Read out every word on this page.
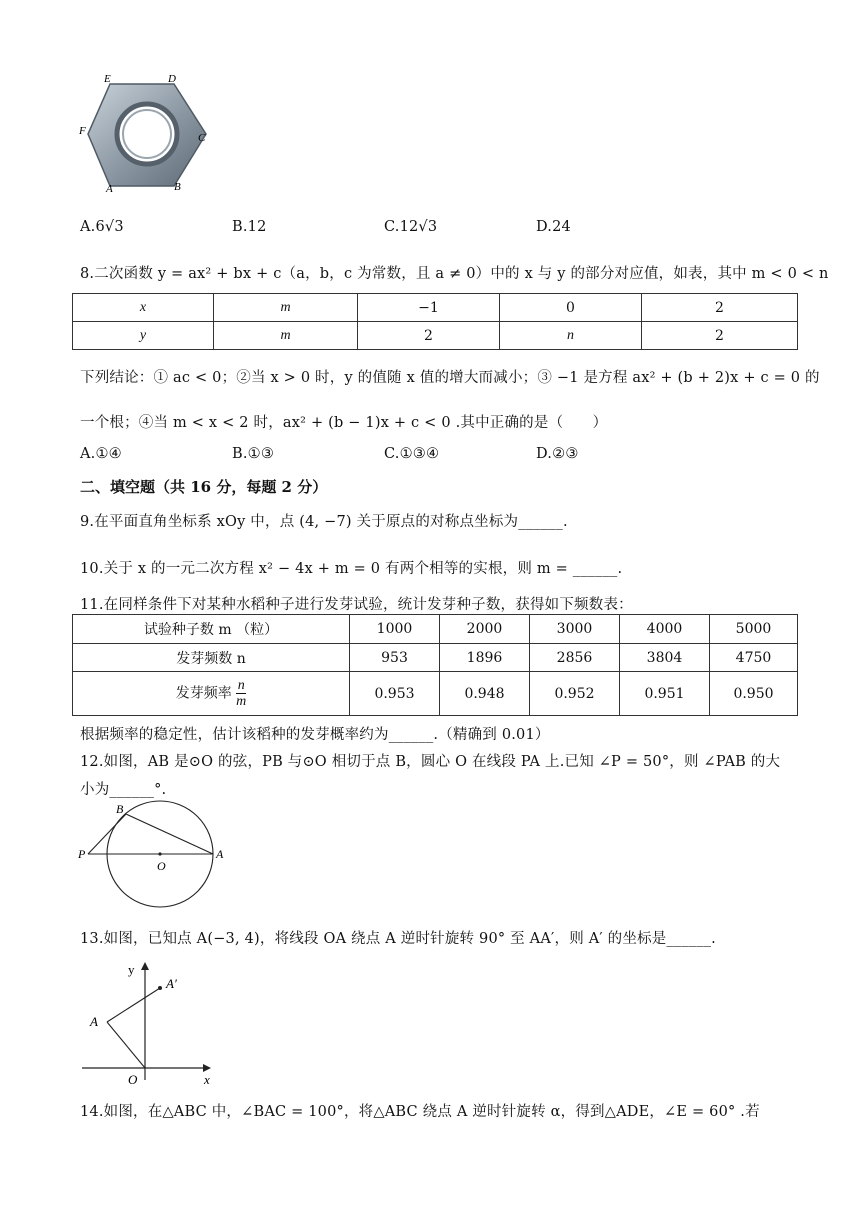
E	D
F
C
A	B
A.6√3	B.12	C.12√3	D.24
8.二次函数 y = ax² + bx + c（a，b，c 为常数，且 a ≠ 0）中的 x 与 y 的部分对应值，如表，其中 m < 0 < n
x	m	−1	0	2
y	m	2	n	2
下列结论：① ac < 0；②当 x > 0 时，y 的值随 x 值的增大而减小；③ −1 是方程 ax² + (b + 2)x + c = 0 的
一个根；④当 m < x < 2 时，ax² + (b − 1)x + c < 0 .其中正确的是（　　）
A.①④	B.①③	C.①③④	D.②③
二、填空题（共 16 分，每题 2 分）
9.在平面直角坐标系 xOy 中，点 (4, −7) 关于原点的对称点坐标为______.
10.关于 x 的一元二次方程 x² − 4x + m = 0 有两个相等的实根，则 m = ______.
11.在同样条件下对某种水稻种子进行发芽试验，统计发芽种子数，获得如下频数表：
试验种子数 m （粒）	1000	2000	3000	4000	5000
发芽频数 n	953	1896	2856	3804	4750
发芽频率 $\frac{n}{m}$	0.953	0.948	0.952	0.951	0.950
根据频率的稳定性，估计该稻种的发芽概率约为______.（精确到 0.01）
12.如图，AB 是⊙O 的弦，PB 与⊙O 相切于点 B，圆心 O 在线段 PA 上.已知 ∠P = 50°，则 ∠PAB 的大
小为______°.
B
P
O
A
13.如图，已知点 A(−3, 4)，将线段 OA 绕点 A 逆时针旋转 90° 至 AA′，则 A′ 的坐标是______.
y
A′
A
O	x
14.如图，在△ABC 中，∠BAC = 100°，将△ABC 绕点 A 逆时针旋转 α，得到△ADE，∠E = 60° .若
